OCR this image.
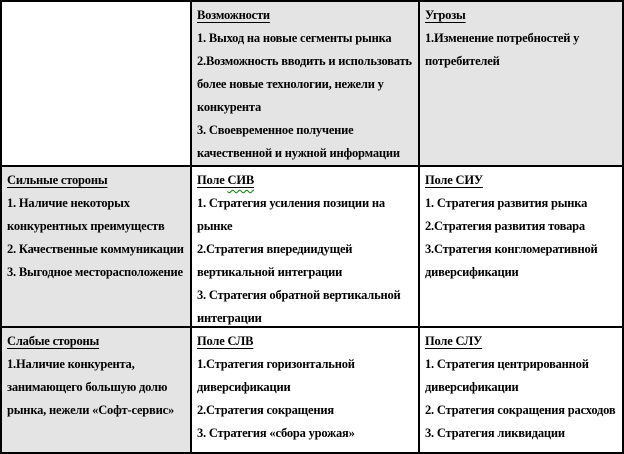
Возможности

1. Выход на новые сегменты рынка

2.Возможность вводить и использовать более новые технологии, нежели у конкурента

3. Своевременное получение качественной и нужной информации

Угрозы

1.Изменение потребностей у потребителей

Сильные стороны

1. Наличие некоторых конкурентных преимуществ

2. Качественные коммуникации

3. Выгодное месторасположение

Поле СИВ

1. Стратегия усиления позиции на рынке

2.Стратегия впередиидущей вертикальной интеграции

3. Стратегия обратной вертикальной интеграции

Поле СИУ

1. Стратегия развития рынка

2.Стратегия развития товара

3.Стратегия конгломеративной диверсификации

Слабые стороны

1.Наличие конкурента, занимающего большую долю рынка, нежели «Софт-сервис»

Поле СЛВ

1.Стратегия горизонтальной диверсификации

2.Стратегия сокращения

3. Стратегия «сбора урожая»

Поле СЛУ

1. Стратегия центрированной диверсификации

2. Стратегия сокращения расходов

3. Стратегия ликвидации
